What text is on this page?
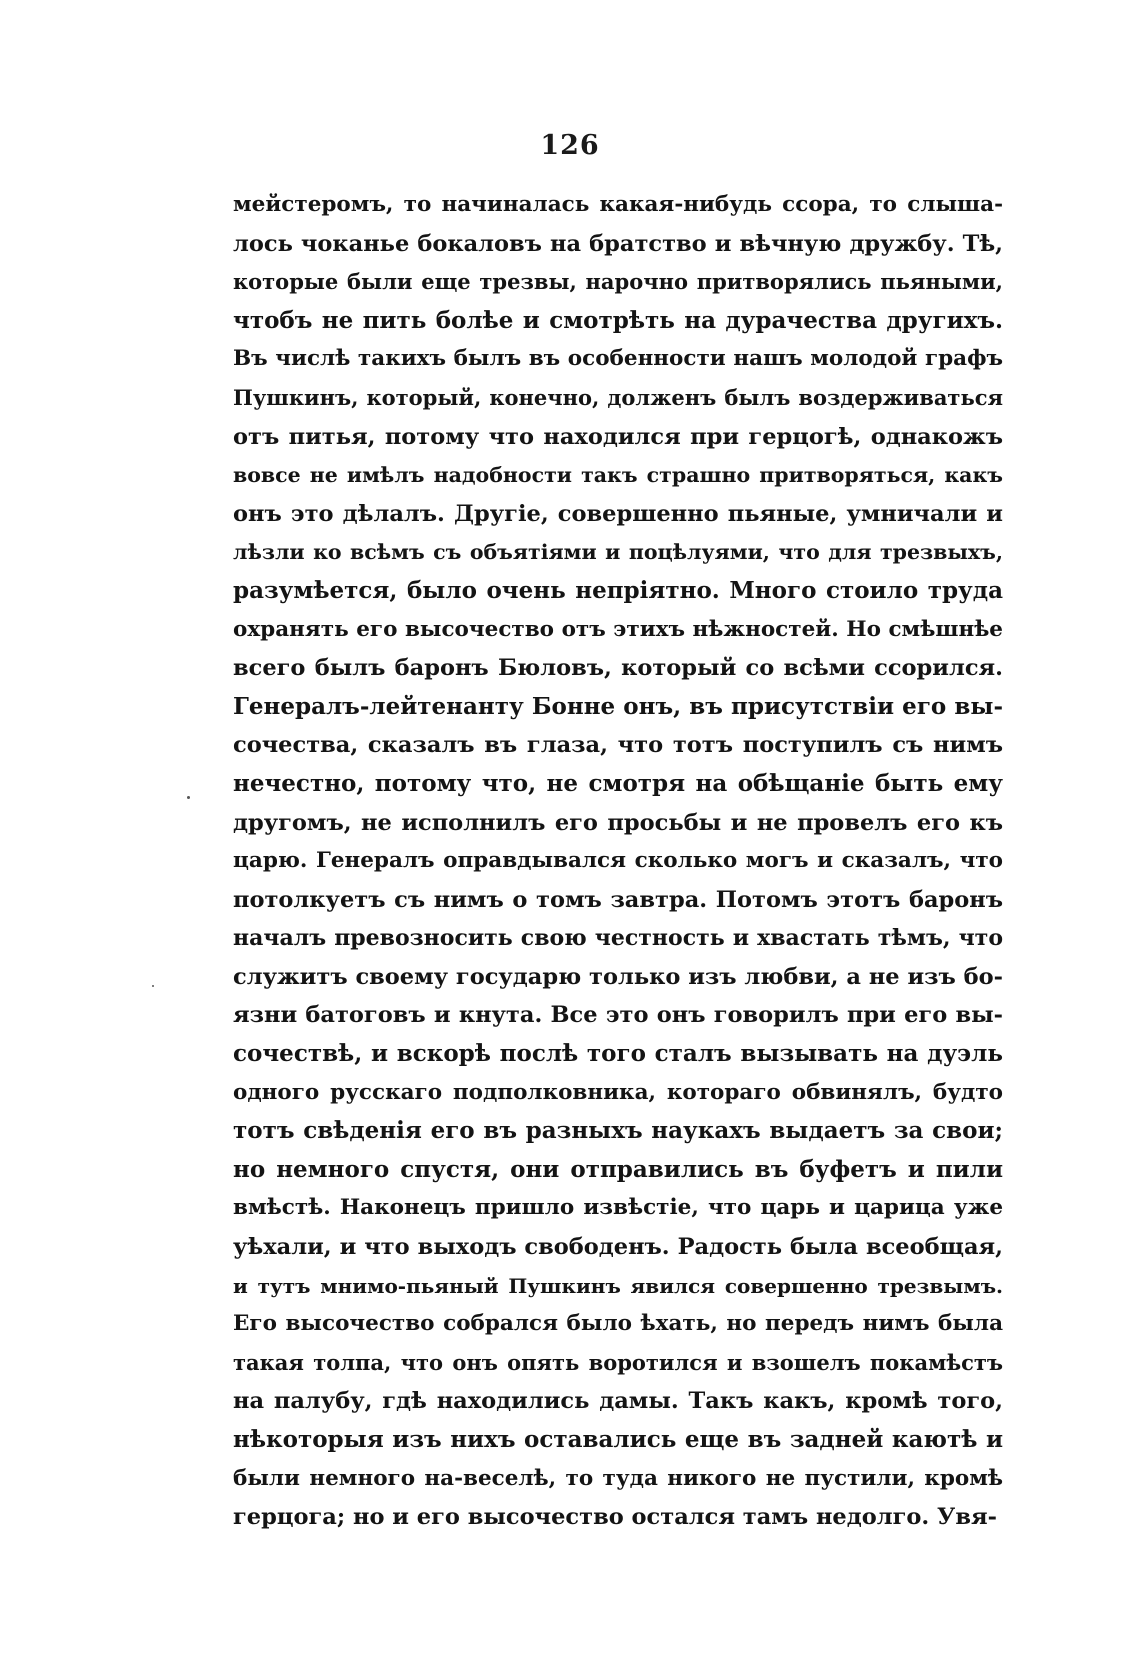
126
мейстеромъ, то начиналась какая-нибудь ссора, то слыша-
лось чоканье бокаловъ на братство и вѣчную дружбу. Тѣ,
которые были еще трезвы, нарочно притворялись пьяными,
чтобъ не пить болѣе и смотрѣть на дурачества другихъ.
Въ числѣ такихъ былъ въ особенности нашъ молодой графъ
Пушкинъ, который, конечно, долженъ былъ воздерживаться
отъ питья, потому что находился при герцогѣ, однакожъ
вовсе не имѣлъ надобности такъ страшно притворяться, какъ
онъ это дѣлалъ. Другіе, совершенно пьяные, умничали и
лѣзли ко всѣмъ съ объятіями и поцѣлуями, что для трезвыхъ,
разумѣется, было очень непріятно. Много стоило труда
охранять его высочество отъ этихъ нѣжностей. Но смѣшнѣе
всего былъ баронъ Бюловъ, который со всѣми ссорился.
Генералъ-лейтенанту Бонне онъ, въ присутствіи его вы-
сочества, сказалъ въ глаза, что тотъ поступилъ съ нимъ
нечестно, потому что, не смотря на обѣщаніе быть ему
другомъ, не исполнилъ его просьбы и не провелъ его къ
царю. Генералъ оправдывался сколько могъ и сказалъ, что
потолкуетъ съ нимъ о томъ завтра. Потомъ этотъ баронъ
началъ превозносить свою честность и хвастать тѣмъ, что
служитъ своему государю только изъ любви, а не изъ бо-
язни батоговъ и кнута. Все это онъ говорилъ при его вы-
сочествѣ, и вскорѣ послѣ того сталъ вызывать на дуэль
одного русскаго подполковника, котораго обвинялъ, будто
тотъ свѣденія его въ разныхъ наукахъ выдаетъ за свои;
но немного спустя, они отправились въ буфетъ и пили
вмѣстѣ. Наконецъ пришло извѣстіе, что царь и царица уже
уѣхали, и что выходъ свободенъ. Радость была всеобщая,
и тутъ мнимо-пьяный Пушкинъ явился совершенно трезвымъ.
Его высочество собрался было ѣхать, но передъ нимъ была
такая толпа, что онъ опять воротился и взошелъ покамѣстъ
на палубу, гдѣ находились дамы. Такъ какъ, кромѣ того,
нѣкоторыя изъ нихъ оставались еще въ задней каютѣ и
были немного на-веселѣ, то туда никого не пустили, кромѣ
герцога; но и его высочество остался тамъ недолго. Увя-
